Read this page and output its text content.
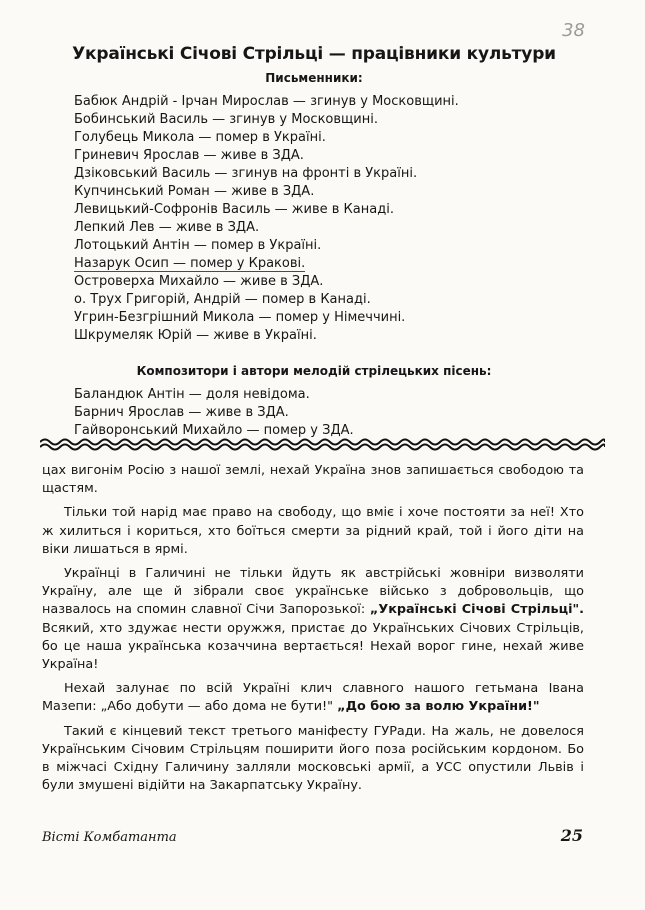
38
Українські Січові Стрільці — працівники культури
Письменники:
Бабюк Андрій - Ірчан Мирослав — згинув у Московщині.
Бобинський Василь — згинув у Московщині.
Голубець Микола — помер в Україні.
Гриневич Ярослав — живе в ЗДА.
Дзіковський Василь — згинув на фронті в Україні.
Купчинський Роман — живе в ЗДА.
Левицький-Софронів Василь — живе в Канаді.
Лепкий Лев — живе в ЗДА.
Лотоцький Антін — помер в Україні.
Назарук Осип — помер у Кракові.
Островерха Михайло — живе в ЗДА.
о. Трух Григорій, Андрій — помер в Канаді.
Угрин-Безгрішний Микола — помер у Німеччині.
Шкрумеляк Юрій — живе в Україні.
Композитори і автори мелодій стрілецьких пісень:
Баландюк Антін — доля невідома.
Барнич Ярослав — живе в ЗДА.
Гайворонський Михайло — помер у ЗДА.

цах вигонім Росію з нашої землі, нехай Україна знов запишається свободою та щастям.

Тільки той нарід має право на свободу, що вміє і хоче постояти за неї! Хто ж хилиться і кориться, хто боїться смерти за рідний край, той і його діти на віки лишаться в ярмі.

Українці в Галичині не тільки йдуть як австрійські жовніри визволяти Україну, але ще й зібрали своє українське військо з добровольців, що назвалось на спомин славної Січи Запорозької: „Українські Січові Стрільці". Всякий, хто здужає нести оружжя, пристає до Українських Січових Стрільців, бо це наша українська козаччина вертається! Нехай ворог гине, нехай живе Україна!

Нехай залунає по всій Україні клич славного нашого гетьмана Івана Мазепи: „Або добути — або дома не бути!" „До бою за волю України!"

Такий є кінцевий текст третього маніфесту ГУРади. На жаль, не довелося Українським Січовим Стрільцям поширити його поза російським кордоном. Бо в міжчасі Східну Галичину залляли московські армії, а УСС опустили Львів і були змушені відійти на Закарпатську Україну.

Вісті Комбатанта	25
